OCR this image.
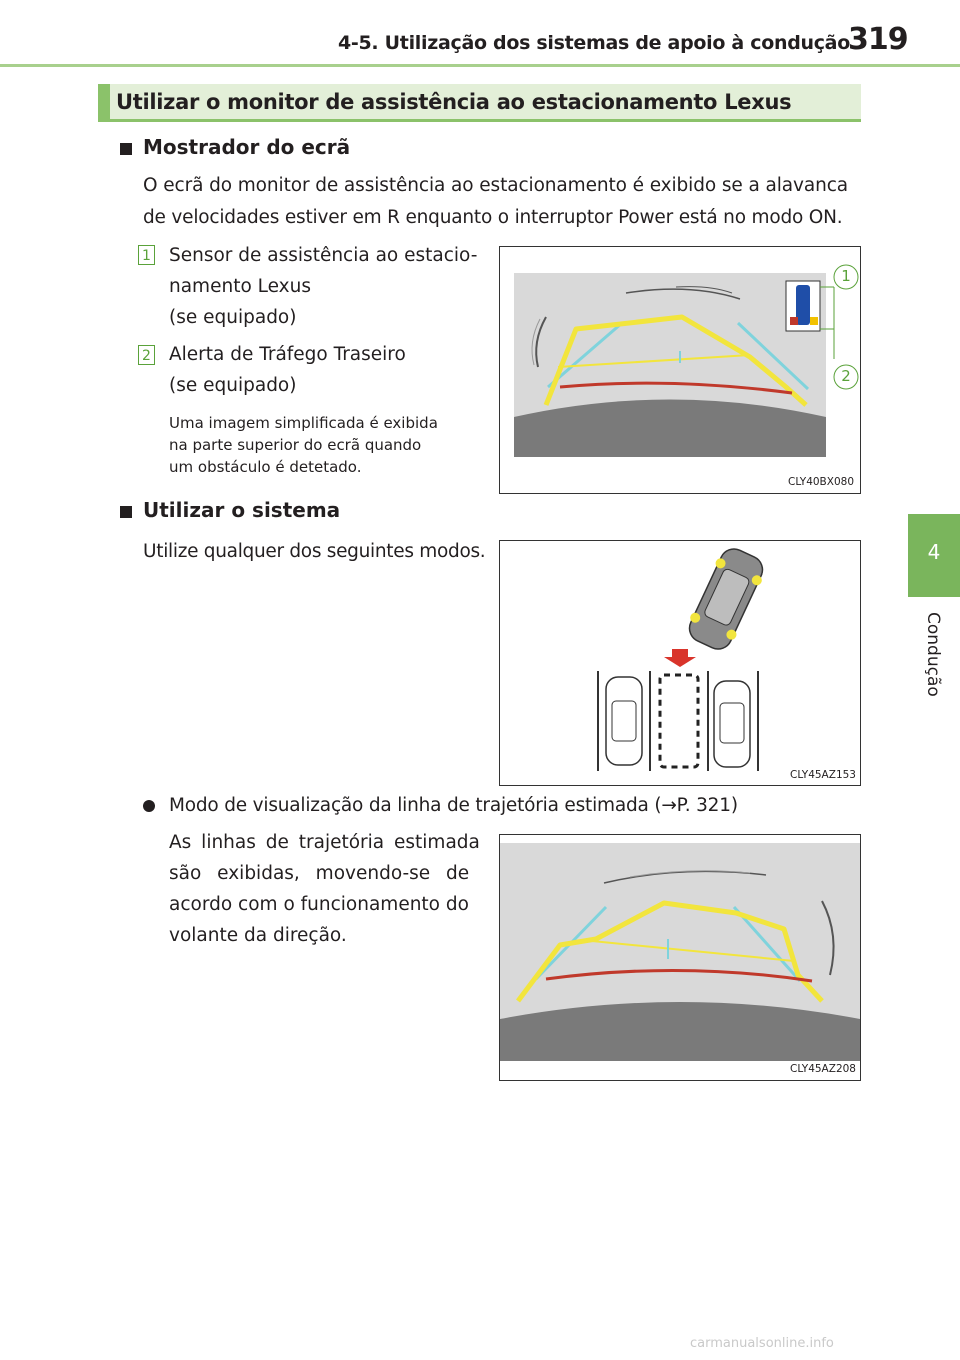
4-5. Utilização dos sistemas de apoio à condução
319
4
Condução
Utilizar o monitor de assistência ao estacionamento Lexus
Mostrador do ecrã
O ecrã do monitor de assistência ao estacionamento é exibido se a alavanca
de velocidades estiver em R enquanto o interruptor Power está no modo ON.
1 Sensor de assistência ao estacio-
namento Lexus
(se equipado)
2 Alerta de Tráfego Traseiro
(se equipado)
Uma imagem simplificada é exibida
na parte superior do ecrã quando
um obstáculo é detetado.
1
2
CLY40BX080
Utilizar o sistema
Utilize qualquer dos seguintes modos.
CLY45AZ153
Modo de visualização da linha de trajetória estimada (→P. 321)
As linhas de trajetória estimada
são exibidas, movendo-se de
acordo com o funcionamento do
volante da direção.
CLY45AZ208
carmanualsonline.info
